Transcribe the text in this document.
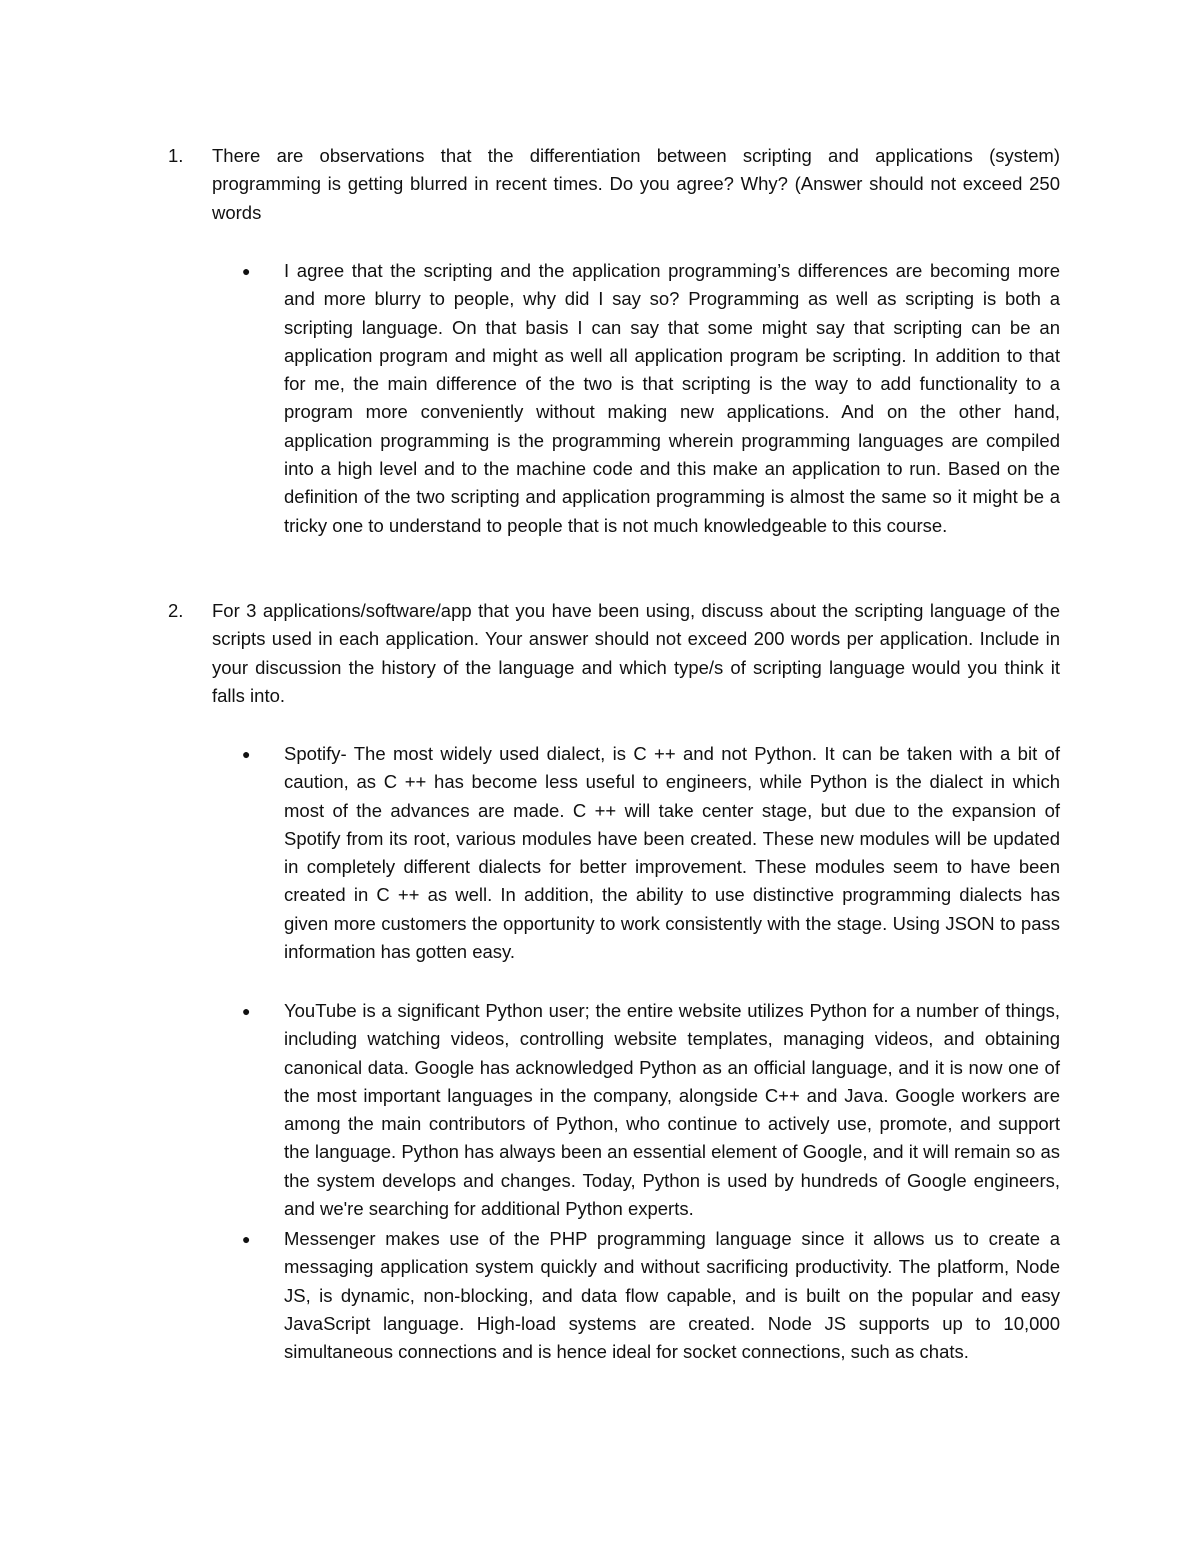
1.	There are observations that the differentiation between scripting and applications (system) programming is getting blurred in recent times. Do you agree? Why? (Answer should not exceed 250 words
●	I agree that the scripting and the application programming’s differences are becoming more and more blurry to people, why did I say so? Programming as well as scripting is both a scripting language. On that basis I can say that some might say that scripting can be an application program and might as well all application program be scripting. In addition to that for me, the main difference of the two is that scripting is the way to add functionality to a program more conveniently without making new applications. And on the other hand, application programming is the programming wherein programming languages are compiled into a high level and to the machine code and this make an application to run. Based on the definition of the two scripting and application programming is almost the same so it might be a tricky one to understand to people that is not much knowledgeable to this course.
2.	For 3 applications/software/app that you have been using, discuss about the scripting language of the scripts used in each application. Your answer should not exceed 200 words per application. Include in your discussion the history of the language and which type/s of scripting language would you think it falls into.
●	Spotify- The most widely used dialect, is C ++ and not Python. It can be taken with a bit of caution, as C ++ has become less useful to engineers, while Python is the dialect in which most of the advances are made. C ++ will take center stage, but due to the expansion of Spotify from its root, various modules have been created. These new modules will be updated in completely different dialects for better improvement. These modules seem to have been created in C ++ as well. In addition, the ability to use distinctive programming dialects has given more customers the opportunity to work consistently with the stage. Using JSON to pass information has gotten easy.
●	YouTube is a significant Python user; the entire website utilizes Python for a number of things, including watching videos, controlling website templates, managing videos, and obtaining canonical data. Google has acknowledged Python as an official language, and it is now one of the most important languages in the company, alongside C++ and Java. Google workers are among the main contributors of Python, who continue to actively use, promote, and support the language. Python has always been an essential element of Google, and it will remain so as the system develops and changes. Today, Python is used by hundreds of Google engineers, and we're searching for additional Python experts.
●	Messenger makes use of the PHP programming language since it allows us to create a messaging application system quickly and without sacrificing productivity. The platform, Node JS, is dynamic, non-blocking, and data flow capable, and is built on the popular and easy JavaScript language. High-load systems are created. Node JS supports up to 10,000 simultaneous connections and is hence ideal for socket connections, such as chats.
